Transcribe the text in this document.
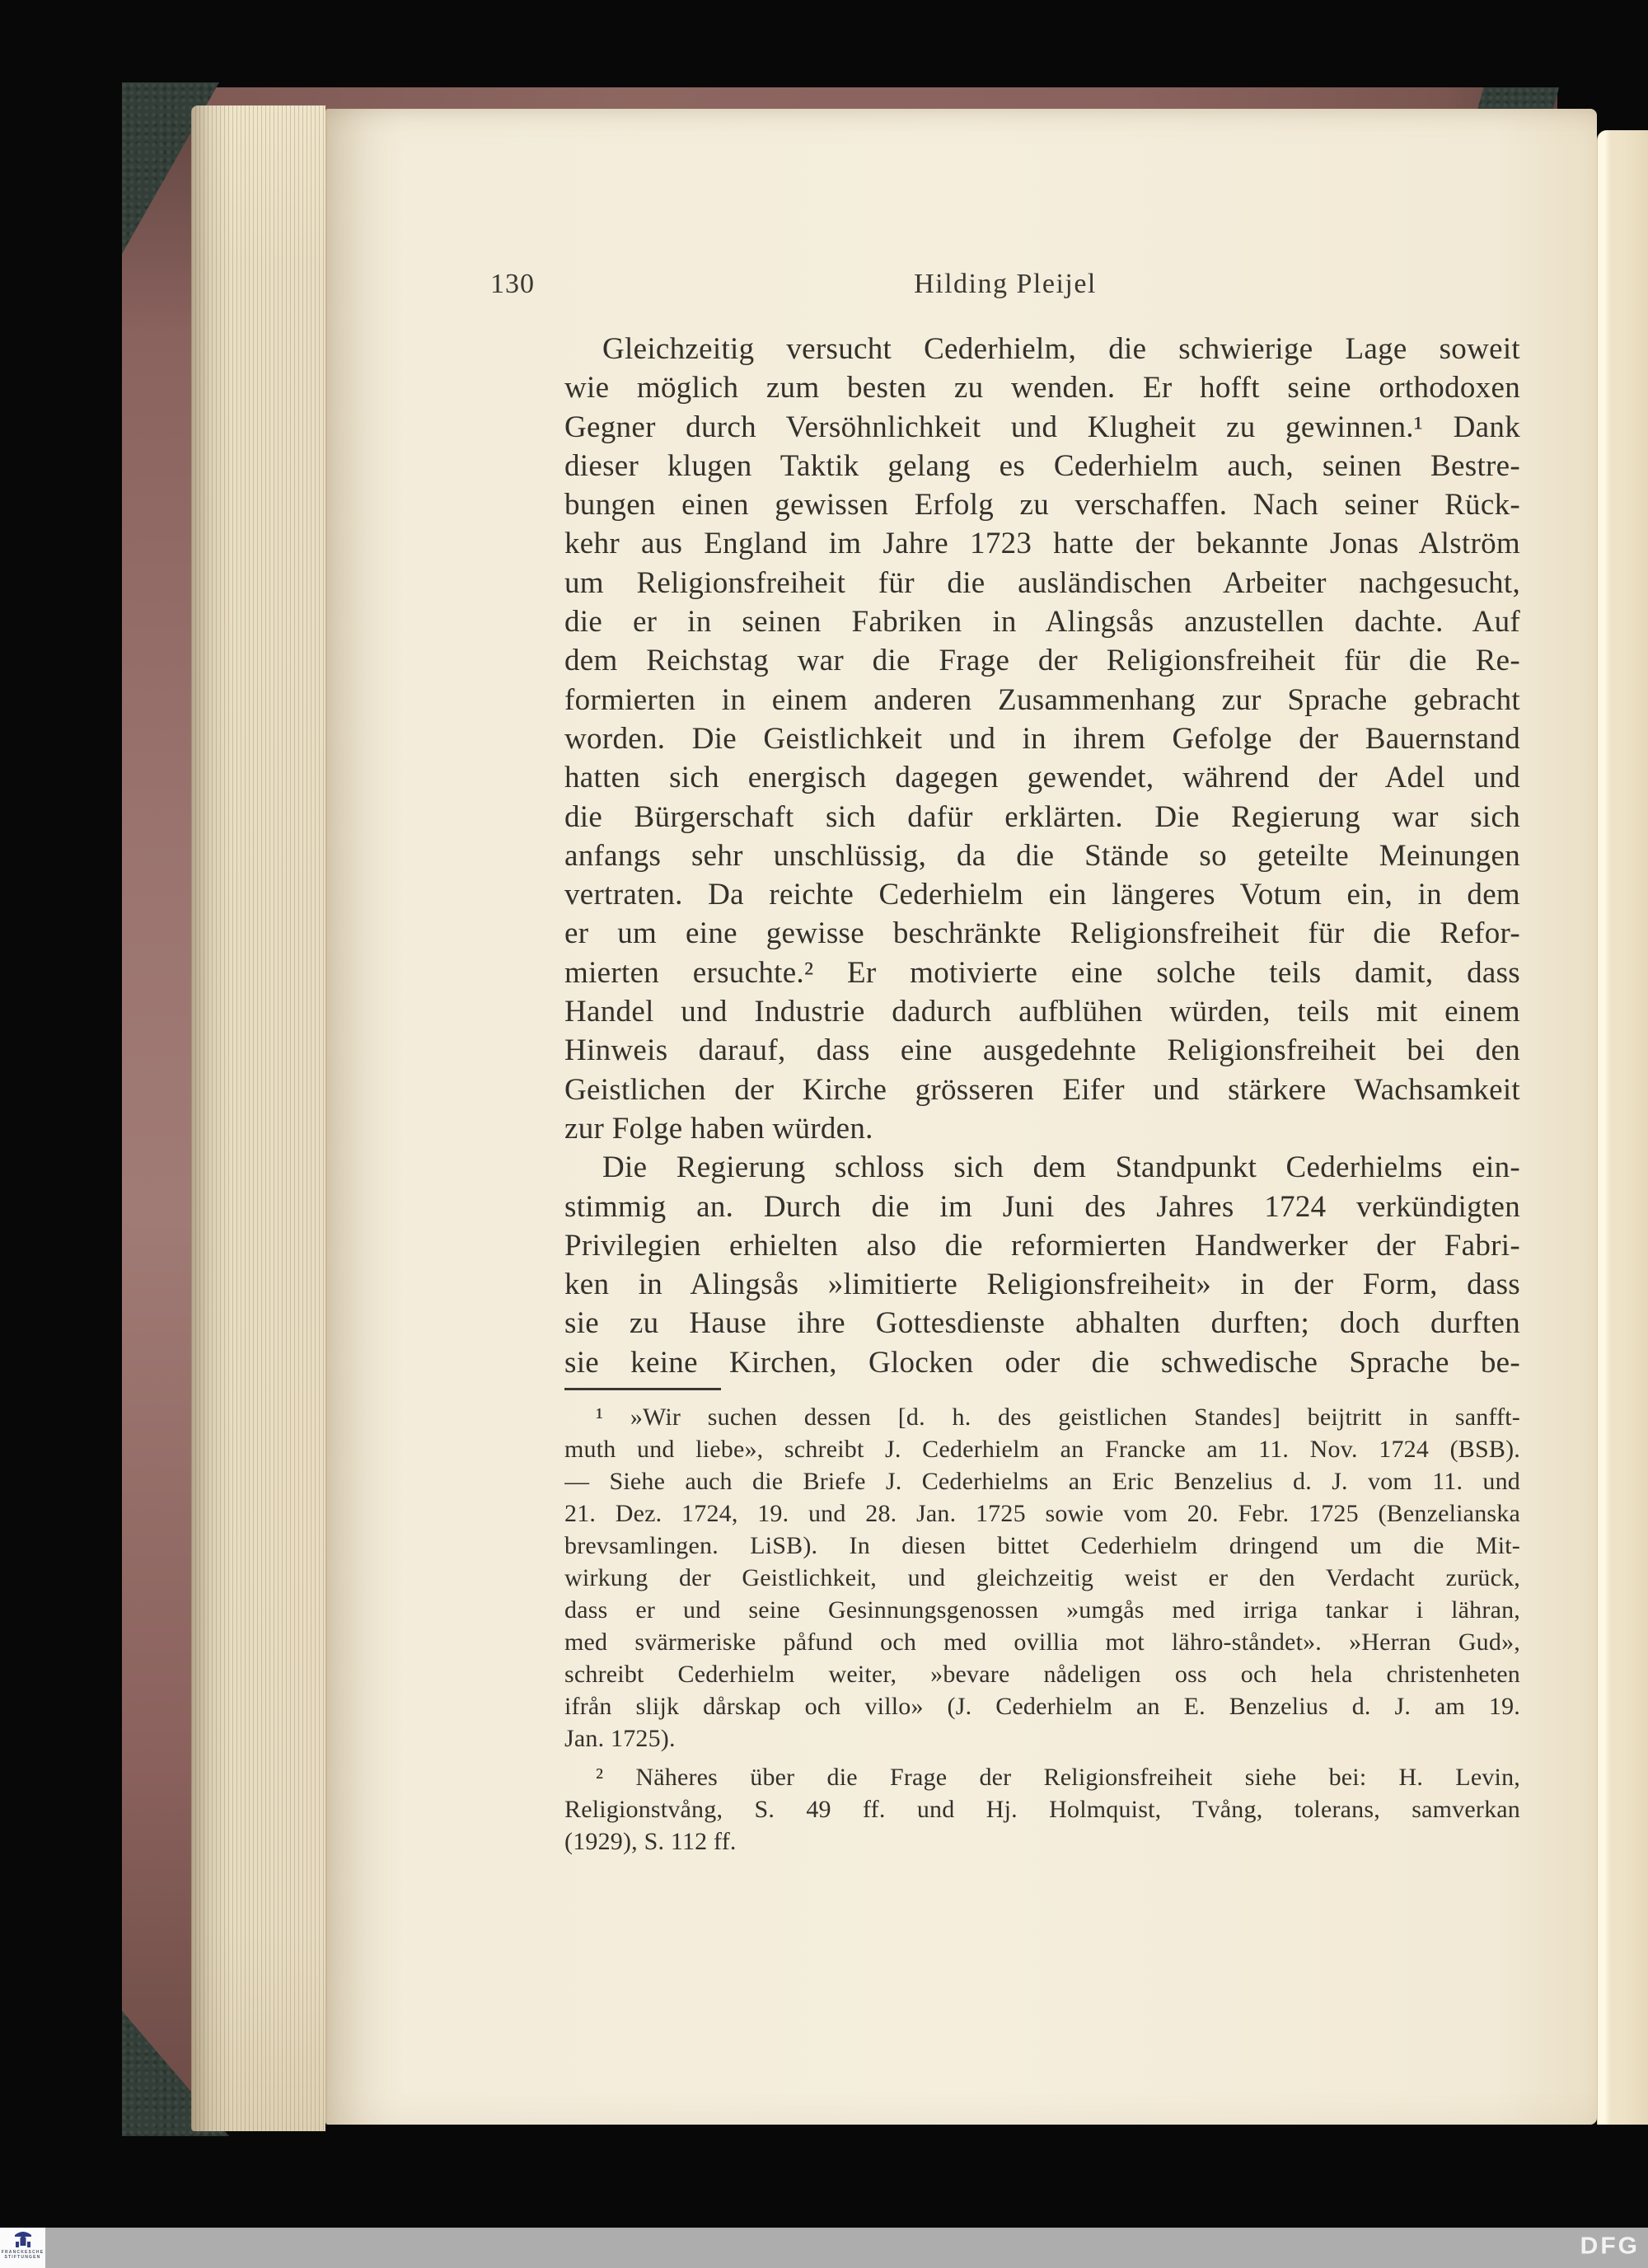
130	Hilding Pleijel
Gleichzeitig versucht Cederhielm, die schwierige Lage soweit
wie möglich zum besten zu wenden. Er hofft seine orthodoxen
Gegner durch Versöhnlichkeit und Klugheit zu gewinnen.¹ Dank
dieser klugen Taktik gelang es Cederhielm auch, seinen Bestre-
bungen einen gewissen Erfolg zu verschaffen. Nach seiner Rück-
kehr aus England im Jahre 1723 hatte der bekannte Jonas Alström
um Religionsfreiheit für die ausländischen Arbeiter nachgesucht,
die er in seinen Fabriken in Alingsås anzustellen dachte. Auf
dem Reichstag war die Frage der Religionsfreiheit für die Re-
formierten in einem anderen Zusammenhang zur Sprache gebracht
worden. Die Geistlichkeit und in ihrem Gefolge der Bauernstand
hatten sich energisch dagegen gewendet, während der Adel und
die Bürgerschaft sich dafür erklärten. Die Regierung war sich
anfangs sehr unschlüssig, da die Stände so geteilte Meinungen
vertraten. Da reichte Cederhielm ein längeres Votum ein, in dem
er um eine gewisse beschränkte Religionsfreiheit für die Refor-
mierten ersuchte.² Er motivierte eine solche teils damit, dass
Handel und Industrie dadurch aufblühen würden, teils mit einem
Hinweis darauf, dass eine ausgedehnte Religionsfreiheit bei den
Geistlichen der Kirche grösseren Eifer und stärkere Wachsamkeit
zur Folge haben würden.
Die Regierung schloss sich dem Standpunkt Cederhielms ein-
stimmig an. Durch die im Juni des Jahres 1724 verkündigten
Privilegien erhielten also die reformierten Handwerker der Fabri-
ken in Alingsås »limitierte Religionsfreiheit» in der Form, dass
sie zu Hause ihre Gottesdienste abhalten durften; doch durften
sie keine Kirchen, Glocken oder die schwedische Sprache be-
¹ »Wir suchen dessen [d. h. des geistlichen Standes] beijtritt in sanfft-
muth und liebe», schreibt J. Cederhielm an Francke am 11. Nov. 1724 (BSB).
— Siehe auch die Briefe J. Cederhielms an Eric Benzelius d. J. vom 11. und
21. Dez. 1724, 19. und 28. Jan. 1725 sowie vom 20. Febr. 1725 (Benzelianska
brevsamlingen. LiSB). In diesen bittet Cederhielm dringend um die Mit-
wirkung der Geistlichkeit, und gleichzeitig weist er den Verdacht zurück,
dass er und seine Gesinnungsgenossen »umgås med irriga tankar i lähran,
med svärmeriske påfund och med ovillia mot lähro-ståndet». »Herran Gud»,
schreibt Cederhielm weiter, »bevare nådeligen oss och hela christenheten
ifrån slijk dårskap och villo» (J. Cederhielm an E. Benzelius d. J. am 19.
Jan. 1725).
² Näheres über die Frage der Religionsfreiheit siehe bei: H. Levin,
Religionstvång, S. 49 ff. und Hj. Holmquist, Tvång, tolerans, samverkan
(1929), S. 112 ff.
FRANCKESCHE
STIFTUNGEN	DFG
